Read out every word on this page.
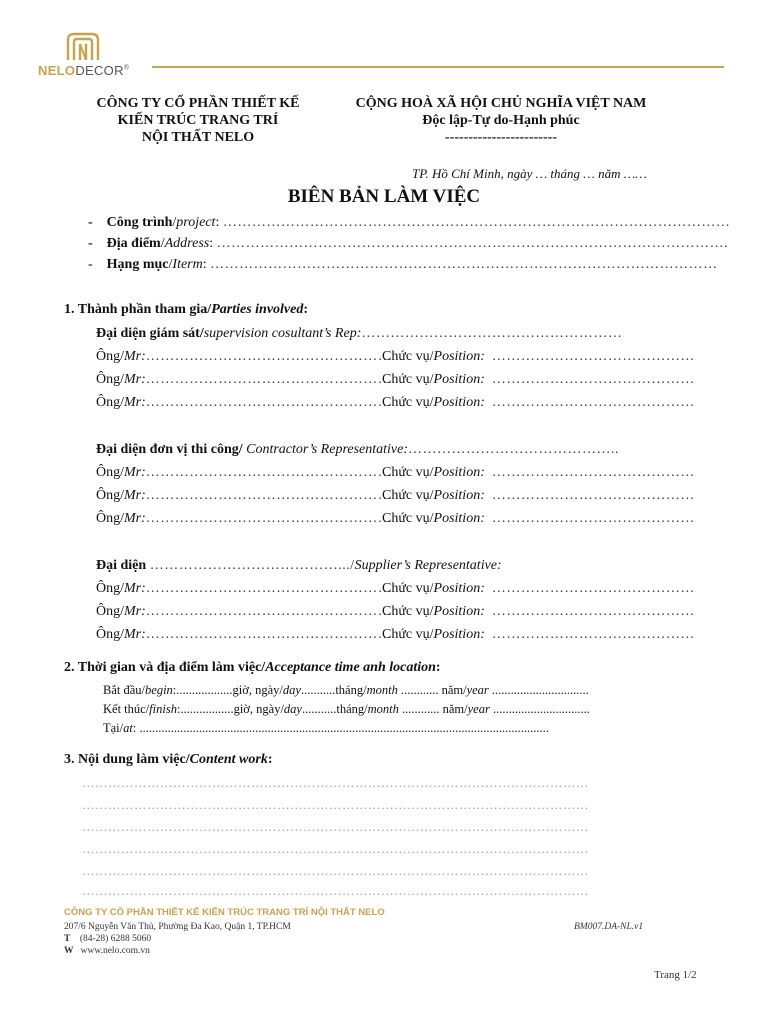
NELODECOR®
CÔNG TY CỔ PHẦN THIẾT KẾ
KIẾN TRÚC TRANG TRÍ
NỘI THẤT NELO
CỘNG HOÀ XÃ HỘI CHỦ NGHĨA VIỆT NAM
Độc lập-Tự do-Hạnh phúc
------------------------
TP. Hồ Chí Minh, ngày … tháng … năm ……
BIÊN BẢN LÀM VIỆC
- Công trình/project: ……………………………………………………………………………………………
- Địa điểm/Address: …………………………………………………………………………………………….
- Hạng mục/Iterm: ……………………………………………………………………………………………
1. Thành phần tham gia/Parties involved:
Đại diện giám sát/supervision cosultant’s Rep:………………………………………………
Ông/Mr:……………………………………………
Chức vụ/Position: ……………………………………
Ông/Mr:……………………………………………
Chức vụ/Position: ……………………………………
Ông/Mr:……………………………………………
Chức vụ/Position: ……………………………………
Đại diện đơn vị thi công/ Contractor’s Representative:……………………………………..
Ông/Mr:……………………………………………
Chức vụ/Position: ……………………………………
Ông/Mr:……………………………………………
Chức vụ/Position: ……………………………………
Ông/Mr:……………………………………………
Chức vụ/Position: ……………………………………
Đại diện ………………………………….../Supplier’s Representative:
Ông/Mr:……………………………………………
Chức vụ/Position: ……………………………………
Ông/Mr:……………………………………………
Chức vụ/Position: ……………………………………
Ông/Mr:……………………………………………
Chức vụ/Position: ……………………………………
2. Thời gian và địa điểm làm việc/Acceptance time anh location:
Bắt đầu/begin:..................giờ, ngày/day...........tháng/month ............ năm/year ...............................
Kết thúc/finish:.................giờ, ngày/day...........tháng/month ............ năm/year ...............................
Tại/at: ...................................................................................................................................
3. Nội dung làm việc/Content work:
………………………………………………………………………………………………………
………………………………………………………………………………………………………
………………………………………………………………………………………………………
………………………………………………………………………………………………………
………………………………………………………………………………………………………
………………………………………………………………………………………………………
CÔNG TY CỔ PHẦN THIẾT KẾ KIẾN TRÚC TRANG TRÍ NỘI THẤT NELO
207/6 Nguyễn Văn Thủ, Phường Đa Kao, Quận 1, TP.HCM
T (84-28) 6288 5060
W www.nelo.com.vn
BM007.DA-NL.v1
Trang 1/2
